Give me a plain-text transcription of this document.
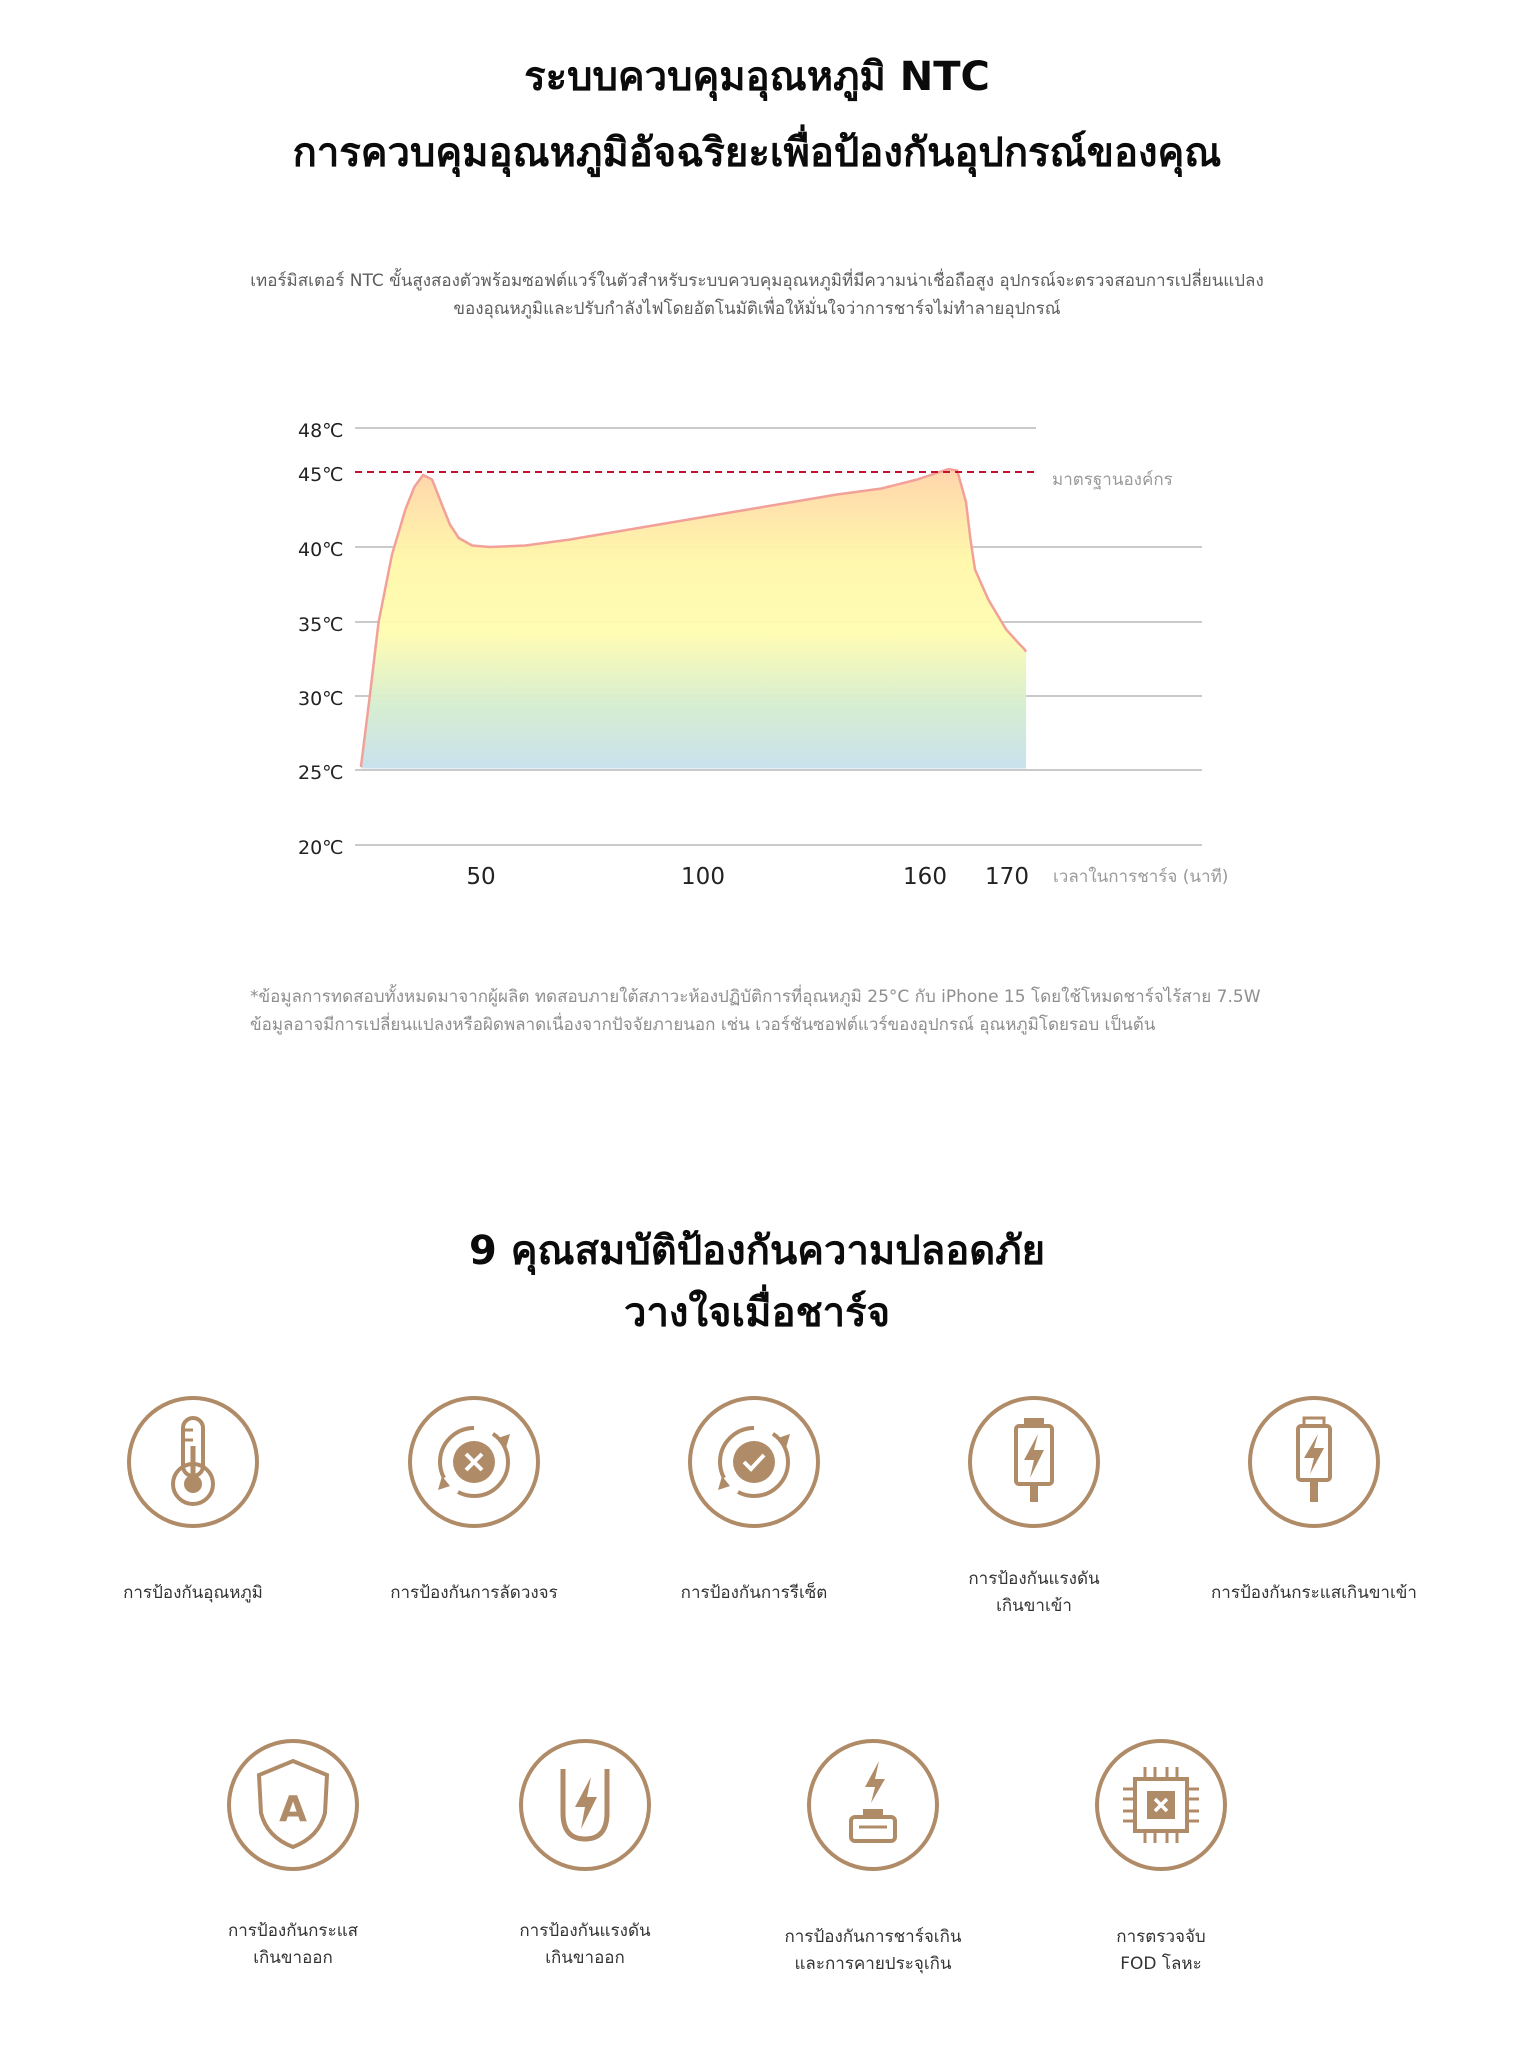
ระบบควบคุมอุณหภูมิ NTC
การควบคุมอุณหภูมิอัจฉริยะเพื่อป้องกันอุปกรณ์ของคุณ
เทอร์มิสเตอร์ NTC ขั้นสูงสองตัวพร้อมซอฟต์แวร์ในตัวสำหรับระบบควบคุมอุณหภูมิที่มีความน่าเชื่อถือสูง อุปกรณ์จะตรวจสอบการเปลี่ยนแปลง
ของอุณหภูมิและปรับกำลังไฟโดยอัตโนมัติเพื่อให้มั่นใจว่าการชาร์จไม่ทำลายอุปกรณ์
มาตรฐานองค์กร
20℃
25℃
30℃
35℃
40℃
45℃
48℃
50	100	160 170 เวลาในการชาร์จ (นาที)
*ข้อมูลการทดสอบทั้งหมดมาจากผู้ผลิต ทดสอบภายใต้สภาวะห้องปฏิบัติการที่อุณหภูมิ 25°C กับ iPhone 15 โดยใช้โหมดชาร์จไร้สาย 7.5W
ข้อมูลอาจมีการเปลี่ยนแปลงหรือผิดพลาดเนื่องจากปัจจัยภายนอก เช่น เวอร์ชันซอฟต์แวร์ของอุปกรณ์ อุณหภูมิโดยรอบ เป็นต้น
9 คุณสมบัติป้องกันความปลอดภัย
วางใจเมื่อชาร์จ
การป้องกันอุณหภูมิ	การป้องกันการลัดวงจร	การป้องกันการรีเซ็ต
การป้องกันแรงดัน
เกินขาเข้า
การป้องกันกระแสเกินขาเข้า
A
การป้องกันกระแส
เกินขาออก
การป้องกันแรงดัน
เกินขาออก
การป้องกันการชาร์จเกิน
และการคายประจุเกิน
การตรวจจับ
FOD โลหะ
